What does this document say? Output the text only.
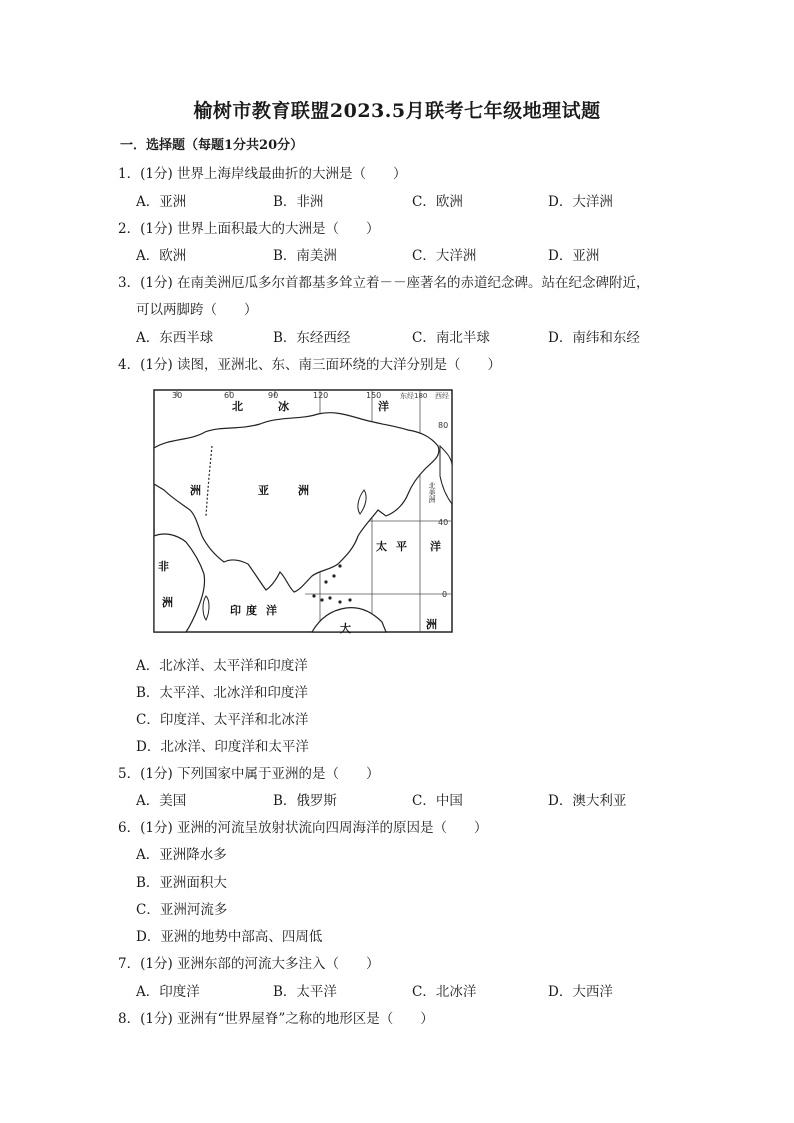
榆树市教育联盟2023.5月联考七年级地理试题
一．选择题（每题1分共20分）
1．(1分) 世界上海岸线最曲折的大洲是（　　）
A．亚洲	B．非洲	C．欧洲	D．大洋洲
2．(1分) 世界上面积最大的大洲是（　　）
A．欧洲	B．南美洲	C．大洋洲	D．亚洲
3．(1分) 在南美洲厄瓜多尔首都基多耸立着－－座著名的赤道纪念碑。站在纪念碑附近，
可以两脚跨（　　）
A．东西半球	B．东经西经	C．南北半球	D．南纬和东经
4．(1分) 读图，亚洲北、东、南三面环绕的大洋分别是（　　）
30	60	90	120	150	东经180 西经
80
40
0
北	冰	洋
亚	洲
洲
非
洲
印 度 洋
太 平 洋
大	洲
北美洲
A．北冰洋、太平洋和印度洋
B．太平洋、北冰洋和印度洋
C．印度洋、太平洋和北冰洋
D．北冰洋、印度洋和太平洋
5．(1分) 下列国家中属于亚洲的是（　　）
A．美国	B．俄罗斯	C．中国	D．澳大利亚
6．(1分) 亚洲的河流呈放射状流向四周海洋的原因是（　　）
A．亚洲降水多
B．亚洲面积大
C．亚洲河流多
D．亚洲的地势中部高、四周低
7．(1分) 亚洲东部的河流大多注入（　　）
A．印度洋	B．太平洋	C．北冰洋	D．大西洋
8．(1分) 亚洲有“世界屋脊”之称的地形区是（　　）
